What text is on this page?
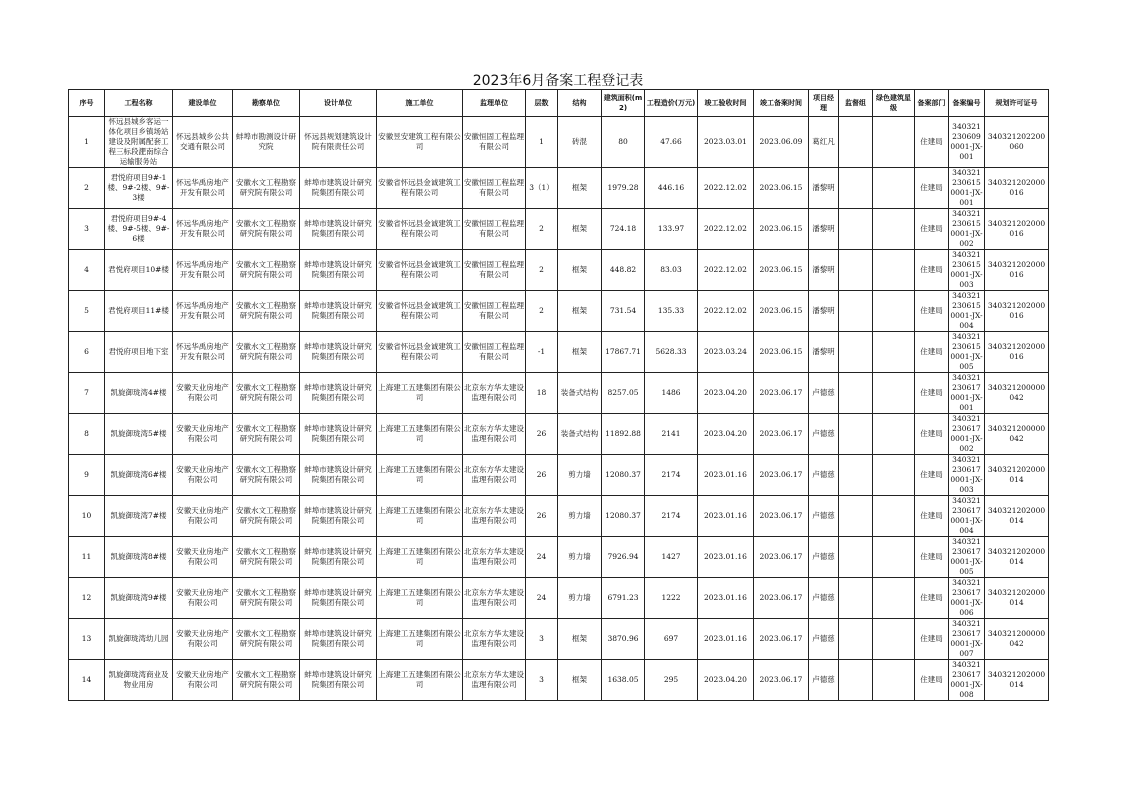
2023年6月备案工程登记表
序号	工程名称	建设单位	勘察单位	设计单位	施工单位	监理单位	层数	结构	建筑面积(m2)	工程造价(万元)	竣工验收时间	竣工备案时间	项目经理	监督组	绿色建筑星级	备案部门	备案编号	规划许可证号
1	怀远县城乡客运一体化项目乡镇场站建设及附属配套工程三标段淝南综合运输服务站	怀远县城乡公共交通有限公司	蚌埠市勘测设计研究院	怀远县规划建筑设计院有限责任公司	安徽昱安建筑工程有限公司	安徽恒固工程监理有限公司	1	砖混	80	47.66	2023.03.01	2023.06.09	葛红凡			住建局	3403212306090001-JX-001	340321202200060
2	君悦府项目9#-1楼、9#-2楼、9#-3楼	怀远华禹房地产开发有限公司	安徽水文工程勘察研究院有限公司	蚌埠市建筑设计研究院集团有限公司	安徽省怀远县金诚建筑工程有限公司	安徽恒固工程监理有限公司	3（1）	框架	1979.28	446.16	2022.12.02	2023.06.15	潘黎明			住建局	3403212306150001-JX-001	340321202000016
3	君悦府项目9#-4楼、9#-5楼、9#-6楼	怀远华禹房地产开发有限公司	安徽水文工程勘察研究院有限公司	蚌埠市建筑设计研究院集团有限公司	安徽省怀远县金诚建筑工程有限公司	安徽恒固工程监理有限公司	2	框架	724.18	133.97	2022.12.02	2023.06.15	潘黎明			住建局	3403212306150001-JX-002	340321202000016
4	君悦府项目10#楼	怀远华禹房地产开发有限公司	安徽水文工程勘察研究院有限公司	蚌埠市建筑设计研究院集团有限公司	安徽省怀远县金诚建筑工程有限公司	安徽恒固工程监理有限公司	2	框架	448.82	83.03	2022.12.02	2023.06.15	潘黎明			住建局	3403212306150001-JX-003	340321202000016
5	君悦府项目11#楼	怀远华禹房地产开发有限公司	安徽水文工程勘察研究院有限公司	蚌埠市建筑设计研究院集团有限公司	安徽省怀远县金诚建筑工程有限公司	安徽恒固工程监理有限公司	2	框架	731.54	135.33	2022.12.02	2023.06.15	潘黎明			住建局	3403212306150001-JX-004	340321202000016
6	君悦府项目地下室	怀远华禹房地产开发有限公司	安徽水文工程勘察研究院有限公司	蚌埠市建筑设计研究院集团有限公司	安徽省怀远县金诚建筑工程有限公司	安徽恒固工程监理有限公司	-1	框架	17867.71	5628.33	2023.03.24	2023.06.15	潘黎明			住建局	3403212306150001-JX-005	340321202000016
7	凯旋御珑湾4#楼	安徽天业房地产有限公司	安徽水文工程勘察研究院有限公司	蚌埠市建筑设计研究院集团有限公司	上海建工五建集团有限公司	北京东方华太建设监理有限公司	18	装备式结构	8257.05	1486	2023.04.20	2023.06.17	卢德慈			住建局	3403212306170001-JX-001	340321200000042
8	凯旋御珑湾5#楼	安徽天业房地产有限公司	安徽水文工程勘察研究院有限公司	蚌埠市建筑设计研究院集团有限公司	上海建工五建集团有限公司	北京东方华太建设监理有限公司	26	装备式结构	11892.88	2141	2023.04.20	2023.06.17	卢德慈			住建局	3403212306170001-JX-002	340321200000042
9	凯旋御珑湾6#楼	安徽天业房地产有限公司	安徽水文工程勘察研究院有限公司	蚌埠市建筑设计研究院集团有限公司	上海建工五建集团有限公司	北京东方华太建设监理有限公司	26	剪力墙	12080.37	2174	2023.01.16	2023.06.17	卢德慈			住建局	3403212306170001-JX-003	340321202000014
10	凯旋御珑湾7#楼	安徽天业房地产有限公司	安徽水文工程勘察研究院有限公司	蚌埠市建筑设计研究院集团有限公司	上海建工五建集团有限公司	北京东方华太建设监理有限公司	26	剪力墙	12080.37	2174	2023.01.16	2023.06.17	卢德慈			住建局	3403212306170001-JX-004	340321202000014
11	凯旋御珑湾8#楼	安徽天业房地产有限公司	安徽水文工程勘察研究院有限公司	蚌埠市建筑设计研究院集团有限公司	上海建工五建集团有限公司	北京东方华太建设监理有限公司	24	剪力墙	7926.94	1427	2023.01.16	2023.06.17	卢德慈			住建局	3403212306170001-JX-005	340321202000014
12	凯旋御珑湾9#楼	安徽天业房地产有限公司	安徽水文工程勘察研究院有限公司	蚌埠市建筑设计研究院集团有限公司	上海建工五建集团有限公司	北京东方华太建设监理有限公司	24	剪力墙	6791.23	1222	2023.01.16	2023.06.17	卢德慈			住建局	3403212306170001-JX-006	340321202000014
13	凯旋御珑湾幼儿园	安徽天业房地产有限公司	安徽水文工程勘察研究院有限公司	蚌埠市建筑设计研究院集团有限公司	上海建工五建集团有限公司	北京东方华太建设监理有限公司	3	框架	3870.96	697	2023.01.16	2023.06.17	卢德慈			住建局	3403212306170001-JX-007	340321200000042
14	凯旋御珑湾商业及物业用房	安徽天业房地产有限公司	安徽水文工程勘察研究院有限公司	蚌埠市建筑设计研究院集团有限公司	上海建工五建集团有限公司	北京东方华太建设监理有限公司	3	框架	1638.05	295	2023.04.20	2023.06.17	卢德慈			住建局	3403212306170001-JX-008	340321202000014
